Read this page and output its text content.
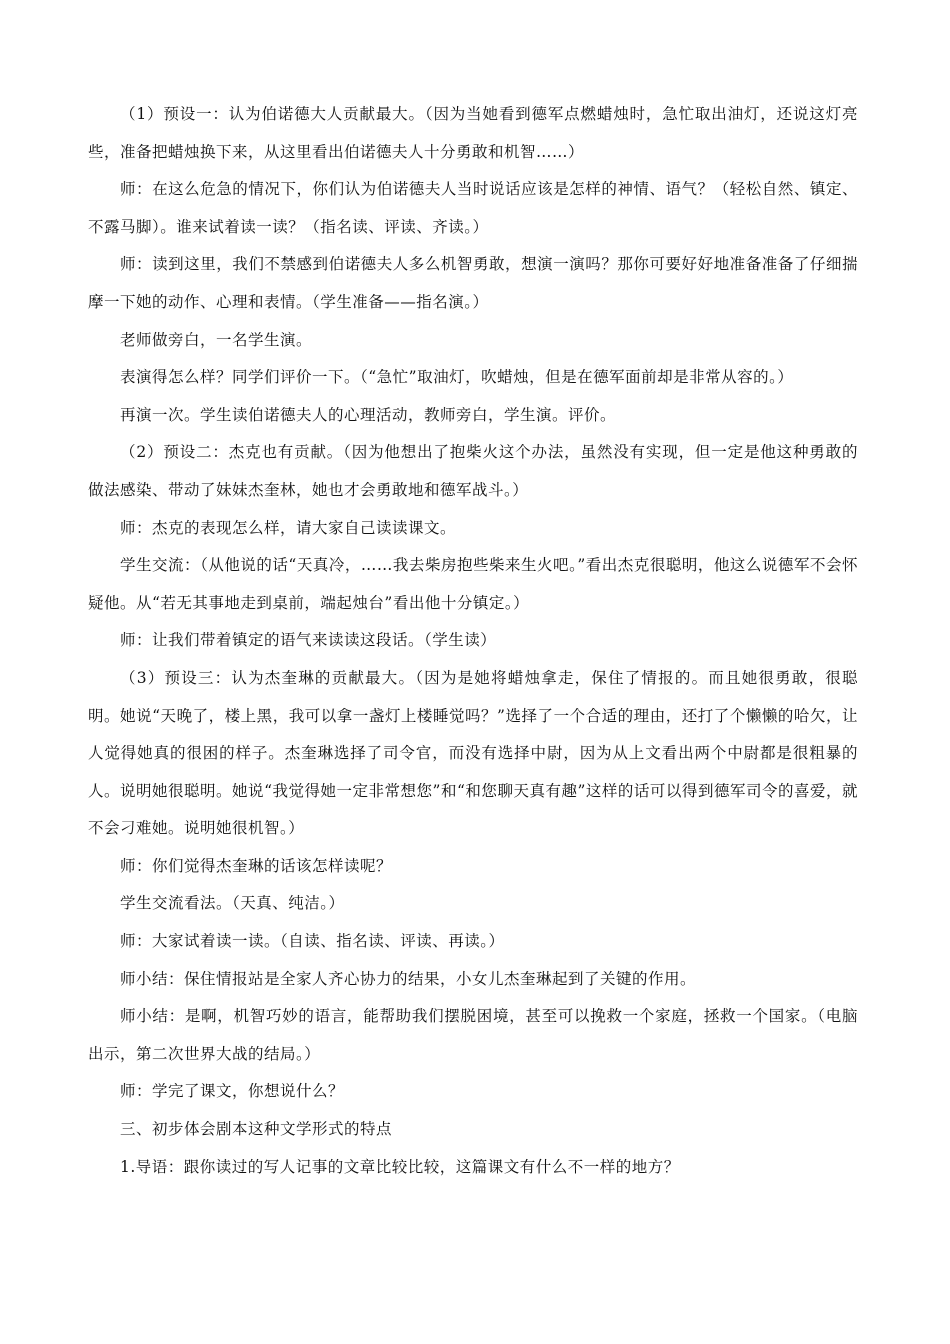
（1）预设一：认为伯诺德大人贡献最大。（因为当她看到德军点燃蜡烛时，急忙取出油灯，还说这灯亮些，准备把蜡烛换下来，从这里看出伯诺德夫人十分勇敢和机智……）

师：在这么危急的情况下，你们认为伯诺德夫人当时说话应该是怎样的神情、语气？（轻松自然、镇定、不露马脚）。谁来试着读一读？（指名读、评读、齐读。）

师：读到这里，我们不禁感到伯诺德夫人多么机智勇敢，想演一演吗？那你可要好好地准备准备了仔细揣摩一下她的动作、心理和表情。（学生准备——指名演。）

老师做旁白，一名学生演。

表演得怎么样？同学们评价一下。（“急忙”取油灯，吹蜡烛，但是在德军面前却是非常从容的。）

再演一次。学生读伯诺德夫人的心理活动，教师旁白，学生演。评价。

（2）预设二：杰克也有贡献。（因为他想出了抱柴火这个办法，虽然没有实现，但一定是他这种勇敢的做法感染、带动了妹妹杰奎林，她也才会勇敢地和德军战斗。）

师：杰克的表现怎么样，请大家自己读读课文。

学生交流：（从他说的话“天真冷，……我去柴房抱些柴来生火吧。”看出杰克很聪明，他这么说德军不会怀疑他。从“若无其事地走到桌前，端起烛台”看出他十分镇定。）

师：让我们带着镇定的语气来读读这段话。（学生读）

（3）预设三：认为杰奎琳的贡献最大。（因为是她将蜡烛拿走，保住了情报的。而且她很勇敢，很聪明。她说“天晚了，楼上黑，我可以拿一盏灯上楼睡觉吗？”选择了一个合适的理由，还打了个懒懒的哈欠，让人觉得她真的很困的样子。杰奎琳选择了司令官，而没有选择中尉，因为从上文看出两个中尉都是很粗暴的人。说明她很聪明。她说“我觉得她一定非常想您”和“和您聊天真有趣”这样的话可以得到德军司令的喜爱，就不会刁难她。说明她很机智。）

师：你们觉得杰奎琳的话该怎样读呢？

学生交流看法。（天真、纯洁。）

师：大家试着读一读。（自读、指名读、评读、再读。）

师小结：保住情报站是全家人齐心协力的结果，小女儿杰奎琳起到了关键的作用。

师小结：是啊，机智巧妙的语言，能帮助我们摆脱困境，甚至可以挽救一个家庭，拯救一个国家。（电脑出示，第二次世界大战的结局。）

师：学完了课文，你想说什么？

三、初步体会剧本这种文学形式的特点

1.导语：跟你读过的写人记事的文章比较比较，这篇课文有什么不一样的地方？
